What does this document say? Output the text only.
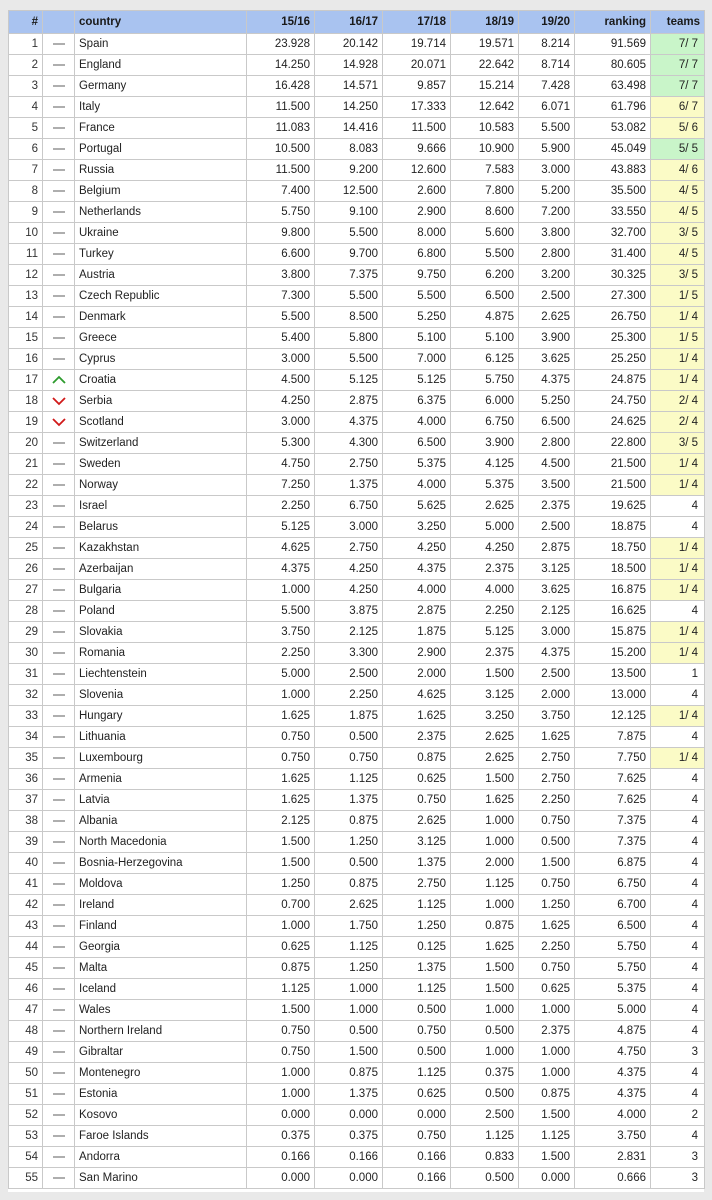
#		country	15/16	16/17	17/18	18/19	19/20	ranking	teams
1		Spain	23.928	20.142	19.714	19.571	8.214	91.569	7/ 7
2		England	14.250	14.928	20.071	22.642	8.714	80.605	7/ 7
3		Germany	16.428	14.571	9.857	15.214	7.428	63.498	7/ 7
4		Italy	11.500	14.250	17.333	12.642	6.071	61.796	6/ 7
5		France	11.083	14.416	11.500	10.583	5.500	53.082	5/ 6
6		Portugal	10.500	8.083	9.666	10.900	5.900	45.049	5/ 5
7		Russia	11.500	9.200	12.600	7.583	3.000	43.883	4/ 6
8		Belgium	7.400	12.500	2.600	7.800	5.200	35.500	4/ 5
9		Netherlands	5.750	9.100	2.900	8.600	7.200	33.550	4/ 5
10		Ukraine	9.800	5.500	8.000	5.600	3.800	32.700	3/ 5
11		Turkey	6.600	9.700	6.800	5.500	2.800	31.400	4/ 5
12		Austria	3.800	7.375	9.750	6.200	3.200	30.325	3/ 5
13		Czech Republic	7.300	5.500	5.500	6.500	2.500	27.300	1/ 5
14		Denmark	5.500	8.500	5.250	4.875	2.625	26.750	1/ 4
15		Greece	5.400	5.800	5.100	5.100	3.900	25.300	1/ 5
16		Cyprus	3.000	5.500	7.000	6.125	3.625	25.250	1/ 4
17		Croatia	4.500	5.125	5.125	5.750	4.375	24.875	1/ 4
18		Serbia	4.250	2.875	6.375	6.000	5.250	24.750	2/ 4
19		Scotland	3.000	4.375	4.000	6.750	6.500	24.625	2/ 4
20		Switzerland	5.300	4.300	6.500	3.900	2.800	22.800	3/ 5
21		Sweden	4.750	2.750	5.375	4.125	4.500	21.500	1/ 4
22		Norway	7.250	1.375	4.000	5.375	3.500	21.500	1/ 4
23		Israel	2.250	6.750	5.625	2.625	2.375	19.625	4
24		Belarus	5.125	3.000	3.250	5.000	2.500	18.875	4
25		Kazakhstan	4.625	2.750	4.250	4.250	2.875	18.750	1/ 4
26		Azerbaijan	4.375	4.250	4.375	2.375	3.125	18.500	1/ 4
27		Bulgaria	1.000	4.250	4.000	4.000	3.625	16.875	1/ 4
28		Poland	5.500	3.875	2.875	2.250	2.125	16.625	4
29		Slovakia	3.750	2.125	1.875	5.125	3.000	15.875	1/ 4
30		Romania	2.250	3.300	2.900	2.375	4.375	15.200	1/ 4
31		Liechtenstein	5.000	2.500	2.000	1.500	2.500	13.500	1
32		Slovenia	1.000	2.250	4.625	3.125	2.000	13.000	4
33		Hungary	1.625	1.875	1.625	3.250	3.750	12.125	1/ 4
34		Lithuania	0.750	0.500	2.375	2.625	1.625	7.875	4
35		Luxembourg	0.750	0.750	0.875	2.625	2.750	7.750	1/ 4
36		Armenia	1.625	1.125	0.625	1.500	2.750	7.625	4
37		Latvia	1.625	1.375	0.750	1.625	2.250	7.625	4
38		Albania	2.125	0.875	2.625	1.000	0.750	7.375	4
39		North Macedonia	1.500	1.250	3.125	1.000	0.500	7.375	4
40		Bosnia-Herzegovina	1.500	0.500	1.375	2.000	1.500	6.875	4
41		Moldova	1.250	0.875	2.750	1.125	0.750	6.750	4
42		Ireland	0.700	2.625	1.125	1.000	1.250	6.700	4
43		Finland	1.000	1.750	1.250	0.875	1.625	6.500	4
44		Georgia	0.625	1.125	0.125	1.625	2.250	5.750	4
45		Malta	0.875	1.250	1.375	1.500	0.750	5.750	4
46		Iceland	1.125	1.000	1.125	1.500	0.625	5.375	4
47		Wales	1.500	1.000	0.500	1.000	1.000	5.000	4
48		Northern Ireland	0.750	0.500	0.750	0.500	2.375	4.875	4
49		Gibraltar	0.750	1.500	0.500	1.000	1.000	4.750	3
50		Montenegro	1.000	0.875	1.125	0.375	1.000	4.375	4
51		Estonia	1.000	1.375	0.625	0.500	0.875	4.375	4
52		Kosovo	0.000	0.000	0.000	2.500	1.500	4.000	2
53		Faroe Islands	0.375	0.375	0.750	1.125	1.125	3.750	4
54		Andorra	0.166	0.166	0.166	0.833	1.500	2.831	3
55		San Marino	0.000	0.000	0.166	0.500	0.000	0.666	3
